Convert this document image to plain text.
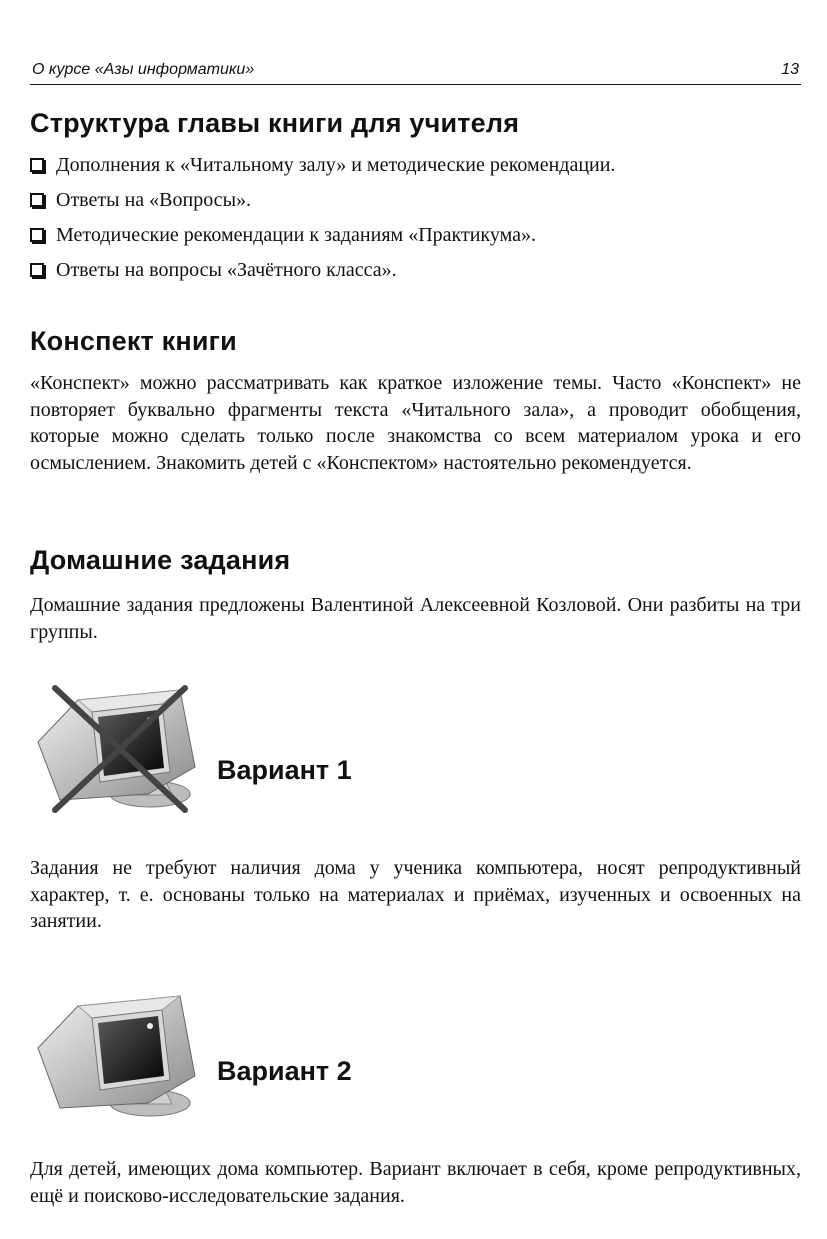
О курсе «Азы информатики»	13
Структура главы книги для учителя
Дополнения к «Читальному залу» и методические рекомендации.
Ответы на «Вопросы».
Методические рекомендации к заданиям «Практикума».
Ответы на вопросы «Зачётного класса».
Конспект книги

«Конспект» можно рассматривать как краткое изложение темы. Часто «Конспект» не повторяет буквально фрагменты текста «Читального зала», а проводит обобщения, которые можно сделать только после знакомства со всем материалом урока и его осмыслением. Знакомить детей с «Конспектом» настоятельно рекомендуется.

Домашние задания

Домашние задания предложены Валентиной Алексеевной Козловой. Они разбиты на три группы.

Вариант 1

Задания не требуют наличия дома у ученика компьютера, носят репродуктивный характер, т. е. основаны только на материалах и приёмах, изученных и освоенных на занятии.

Вариант 2

Для детей, имеющих дома компьютер. Вариант включает в себя, кроме репродуктивных, ещё и поисково-исследовательские задания.
